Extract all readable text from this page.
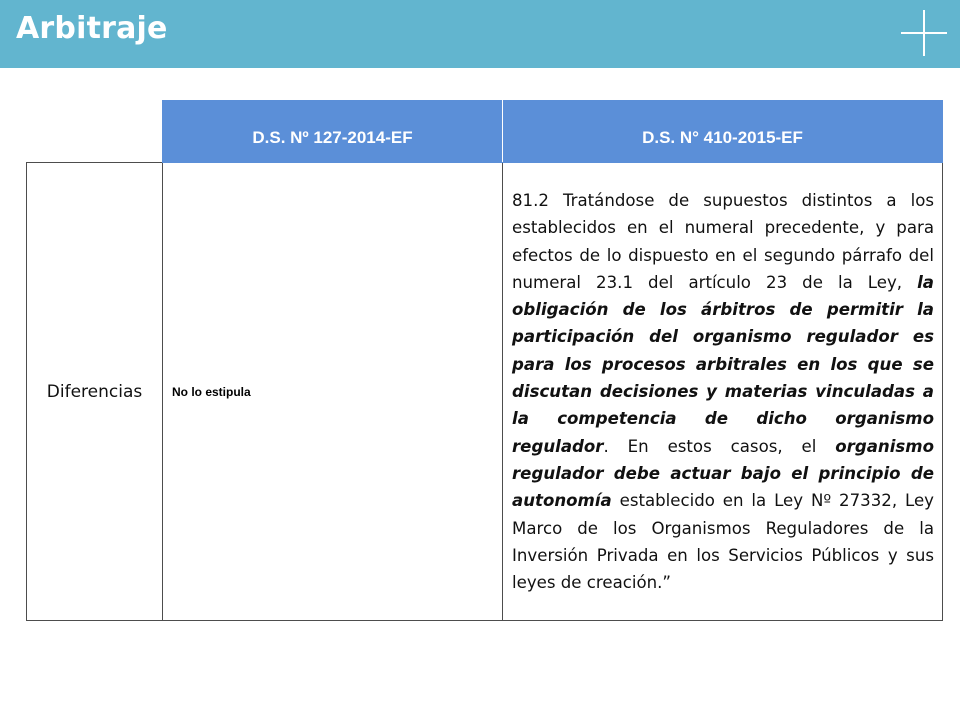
Arbitraje
	D.S. Nº 127-2014-EF	D.S. N° 410-2015-EF
Diferencias	No lo estipula	81.2 Tratándose de supuestos distintos a los establecidos en el numeral precedente, y para efectos de lo dispuesto en el segundo párrafo del numeral 23.1 del artículo 23 de la Ley, la obligación de los árbitros de permitir la participación del organismo regulador es para los procesos arbitrales en los que se discutan decisiones y materias vinculadas a la competencia de dicho organismo regulador. En estos casos, el organismo regulador debe actuar bajo el principio de autonomía establecido en la Ley Nº 27332, Ley Marco de los Organismos Reguladores de la Inversión Privada en los Servicios Públicos y sus leyes de creación.”
